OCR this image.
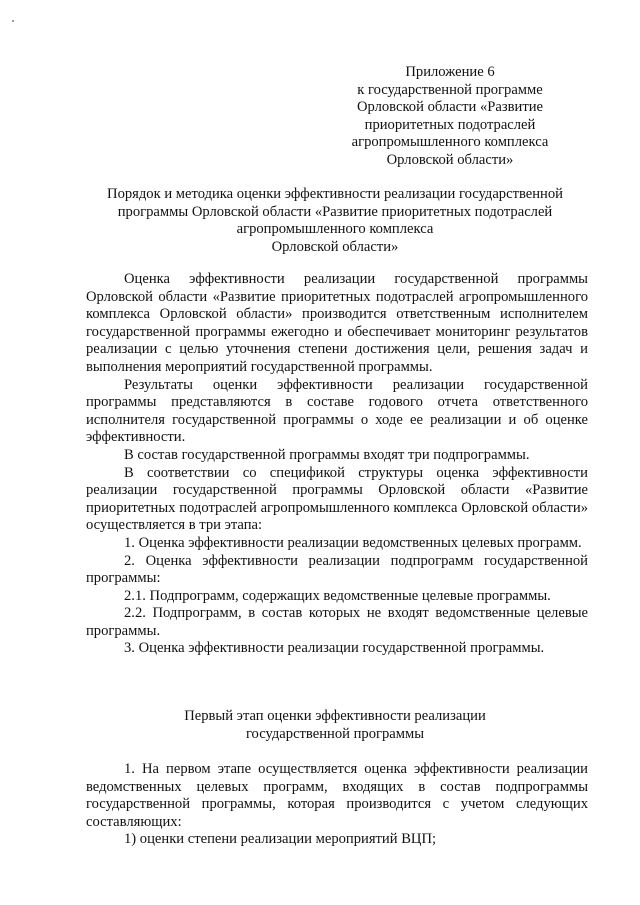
Приложение 6
к государственной программе
Орловской области «Развитие
приоритетных подотраслей
агропромышленного комплекса
Орловской области»
Порядок и методика оценки эффективности реализации государственной
программы Орловской области «Развитие приоритетных подотраслей
агропромышленного комплекса
Орловской области»

Оценка эффективности реализации государственной программы Орловской области «Развитие приоритетных подотраслей агропромышленного комплекса Орловской области» производится ответственным исполнителем государственной программы ежегодно и обеспечивает мониторинг результатов реализации с целью уточнения степени достижения цели, решения задач и выполнения мероприятий государственной программы.

Результаты оценки эффективности реализации государственной программы представляются в составе годового отчета ответственного исполнителя государственной программы о ходе ее реализации и об оценке эффективности.

В состав государственной программы входят три подпрограммы.

В соответствии со спецификой структуры оценка эффективности реализации государственной программы Орловской области «Развитие приоритетных подотраслей агропромышленного комплекса Орловской области» осуществляется в три этапа:

1. Оценка эффективности реализации ведомственных целевых программ.

2. Оценка эффективности реализации подпрограмм государственной программы:

2.1. Подпрограмм, содержащих ведомственные целевые программы.

2.2. Подпрограмм, в состав которых не входят ведомственные целевые программы.

3. Оценка эффективности реализации государственной программы.

Первый этап оценки эффективности реализации
государственной программы

1. На первом этапе осуществляется оценка эффективности реализации ведомственных целевых программ, входящих в состав подпрограммы государственной программы, которая производится с учетом следующих составляющих:

1) оценки степени реализации мероприятий ВЦП;
